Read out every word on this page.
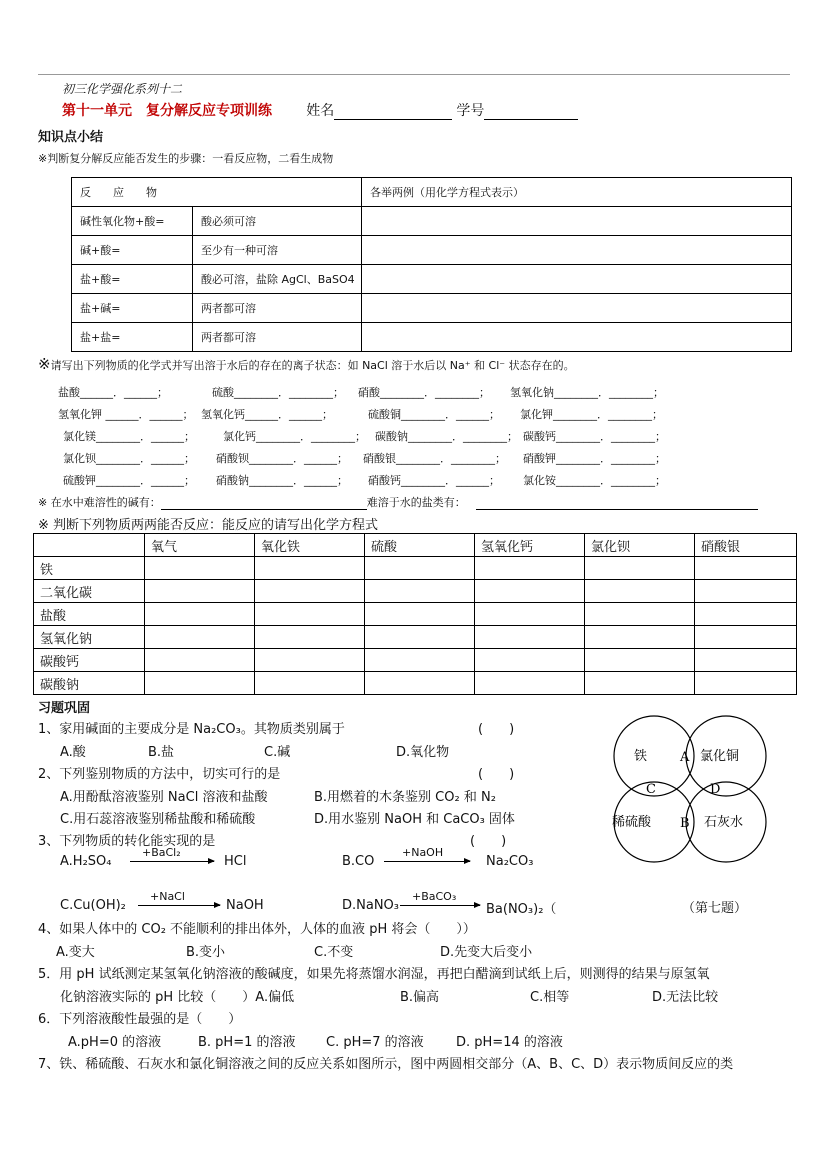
初三化学强化系列十二
第十一单元　复分解反应专项训练 姓名	学号
知识点小结
※判断复分解反应能否发生的步骤：一看反应物，二看生成物
反　　应　　物		各举两例（用化学方程式表示）
碱性氧化物+酸=	酸必须可溶	
碱+酸=	至少有一种可溶	
盐+酸=	酸必可溶，盐除 AgCl、BaSO4	
盐+碱=	两者都可溶	
盐+盐=	两者都可溶	
※请写出下列物质的化学式并写出溶于水后的存在的离子状态：如 NaCl 溶于水后以 Na⁺ 和 Cl⁻ 状态存在的。
盐酸______．______；	硫酸________．________； 硝酸________．________； 氢氧化钠________．________；
氢氧化钾 ______．______； 氢氧化钙______．______；	硫酸铜________．______； 氯化钾________．________；
氯化镁________．______；	氯化钙________．________； 碳酸钠________．________； 碳酸钙________．________；
氯化钡________．______； 硝酸钡________．______； 硝酸银________．________； 硝酸钾________．________；
硫酸钾________．______； 硝酸钠________．______； 硝酸钙________．______； 氯化铵________．________；
※ 在水中难溶性的碱有：	难溶于水的盐类有：
※ 判断下列物质两两能否反应：能反应的请写出化学方程式
	氧气	氧化铁	硫酸	氢氧化钙	氯化钡	硝酸银
铁						
二氧化碳						
盐酸						
氢氧化钠						
碳酸钙						
碳酸钠						
习题巩固
1、家用碱面的主要成分是 Na₂CO₃。其物质类别属于	(　　)
A.酸	B.盐	C.碱	D.氧化物
2、下列鉴别物质的方法中，切实可行的是	(　　)
A.用酚酞溶液鉴别 NaCl 溶液和盐酸	B.用燃着的木条鉴别 CO₂ 和 N₂
C.用石蕊溶液鉴别稀盐酸和稀硫酸	D.用水鉴别 NaOH 和 CaCO₃ 固体
3、下列物质的转化能实现的是	(　　)
A.H₂SO₄
+BaCl₂
HCl	B.CO
+NaOH
Na₂CO₃
C.Cu(OH)₂
+NaCl
NaOH	D.NaNO₃
+BaCO₃
Ba(NO₃)₂（	（第七题）
4、如果人体中的 CO₂ 不能顺利的排出体外，人体的血液 pH 将会（　　））
A.变大	B.变小	C.不变	D.先变大后变小
5．用 pH 试纸测定某氢氧化钠溶液的酸碱度，如果先将蒸馏水润湿，再把白醋滴到试纸上后，则测得的结果与原氢氧
化钠溶液实际的 pH 比较（　　）A.偏低	B.偏高	C.相等	D.无法比较
6．下列溶液酸性最强的是（　　）
A.pH=0 的溶液	B. pH=1 的溶液 C. pH=7 的溶液 D. pH=14 的溶液
7、铁、稀硫酸、石灰水和氯化铜溶液之间的反应关系如图所示，图中两圆相交部分（A、B、C、D）表示物质间反应的类
铁	氯化铜
稀硫酸	石灰水
A
B
C	D
